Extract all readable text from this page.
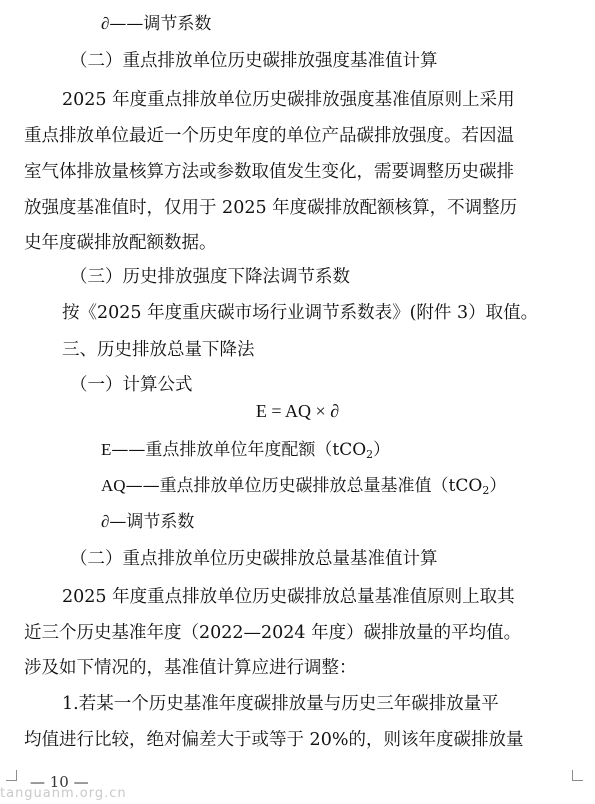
∂——调节系数
（二）重点排放单位历史碳排放强度基准值计算
2025 年度重点排放单位历史碳排放强度基准值原则上采用
重点排放单位最近一个历史年度的单位产品碳排放强度。若因温
室气体排放量核算方法或参数取值发生变化，需要调整历史碳排
放强度基准值时，仅用于 2025 年度碳排放配额核算，不调整历
史年度碳排放配额数据。
（三）历史排放强度下降法调节系数
按《2025 年度重庆碳市场行业调节系数表》(附件 3）取值。
三、历史排放总量下降法
（一）计算公式
E = AQ × ∂
E——重点排放单位年度配额（tCO$_2$）
AQ——重点排放单位历史碳排放总量基准值（tCO$_2$）
∂—调节系数
（二）重点排放单位历史碳排放总量基准值计算
2025 年度重点排放单位历史碳排放总量基准值原则上取其
近三个历史基准年度（2022—2024 年度）碳排放量的平均值。
涉及如下情况的，基准值计算应进行调整：
1.若某一个历史基准年度碳排放量与历史三年碳排放量平
均值进行比较，绝对偏差大于或等于 20%的，则该年度碳排放量
— 10 —
tanguanm.org.cn
